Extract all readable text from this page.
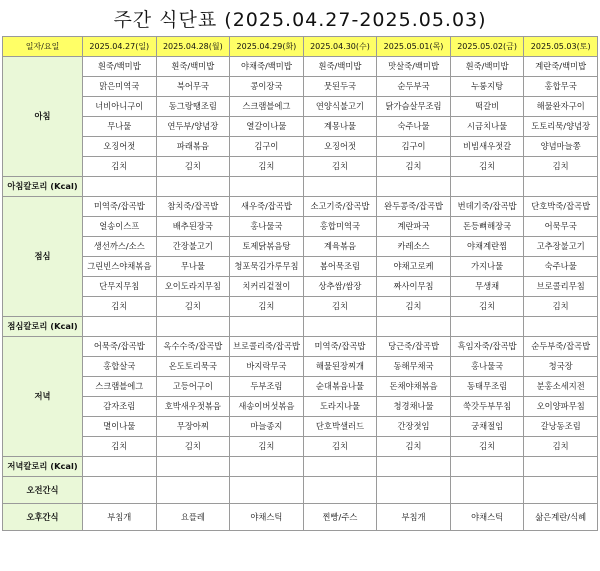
주간 식단표 (2025.04.27-2025.05.03)
일자/요일	2025.04.27(일)	2025.04.28(월)	2025.04.29(화)	2025.04.30(수)	2025.05.01(목)	2025.05.02(금)	2025.05.03(토)
아침	흰죽/백미밥	흰죽/백미밥	야채죽/백미밥	흰죽/백미밥	맛살죽/백미밥	흰죽/백미밥	계란죽/백미밥
	맑은미역국	북어무국	콩이장국	뭇된두국	순두부국	누룽지탕	홍합무국
	너비아니구이	동그랑땡조림	스크램블에그	연양식불고기	닭가슴살무조림	떡갈비	해물완자구이
	무나물	연두부/양념장	열갈이나물	계몽나물	숙주나물	시금치나물	도토리묵/양념장
	오징어젓	파래볶음	김구이	오징어젓	김구이	비빔새우젓갈	양념마늘쫑
	김치	김치	김치	김치	김치	김치	김치
아침칼로리 (Kcal)							
점심	미역죽/잡곡밥	참치죽/잡곡밥	새우죽/잡곡밥	소고기죽/잡곡밥	완두콩죽/잡곡밥	번데기죽/잡곡밥	단호박죽/잡곡밥
	얼송이스프	배추된장국	홍나물국	홍합미역국	계란파국	돈등뼈해장국	어묵무국
	생선까스/소스	간장불고기	토제닭볶음탕	계육볶음	카레소스	야채계란찜	고추장불고기
	그린빈스야채볶음	무나물	청포묵김가루무침	봄어묵조림	야채고로케	가지나물	숙주나물
	단무지무침	오이도라지무침	치커리겉절이	상추쌈/쌈장	짜사이무침	무생채	브로콜리무침
	김치	김치	김치	김치	김치	김치	김치
점심칼로리 (Kcal)							
저녁	어묵죽/잡곡밥	옥수수죽/잡곡밥	브로콜리죽/잡곡밥	미역죽/잡곡밥	당근죽/잡곡밥	흑임자죽/잡곡밥	순두부죽/잡곡밥
	홍합살국	온도토리묵국	바지락무국	해물된장찌개	동해무채국	홍나물국	청국장
	스크램블에그	고등어구이	두부조림	순대볶음나물	돈채야채볶음	동태무조림	분홍소세지전
	감자조림	호박새우젓볶음	새송이버섯볶음	도라지나물	청경채나물	쑥갓두부무침	오이양파무침
	멸이나물	무장아찌	마늘종지	단호박샐러드	간장젓임	궁채절임	갈낭동조림
	김치	김치	김치	김치	김치	김치	김치
저녁칼로리 (Kcal)							
오전간식							
오후간식	부침개	요플레	야채스틱	찐빵/주스	부침개	야채스틱	삶은계란/식혜
